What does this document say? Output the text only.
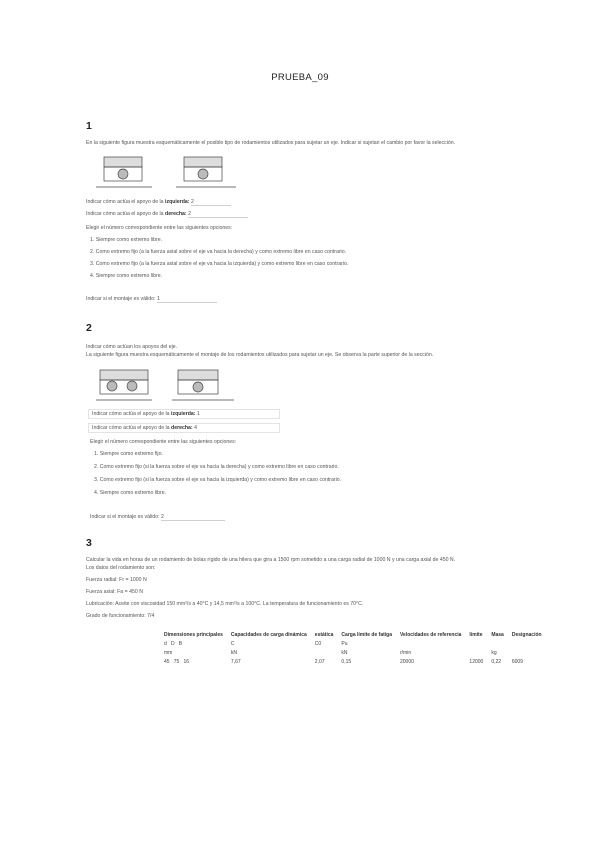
PRUEBA_09
1
En la siguiente figura muestra esquemáticamente el posible tipo de rodamientos utilizados para sujetar un eje. Indicar si sujetan el cambio por favor la selección.
Indicar cómo actúa el apoyo de la izquierda: 2
Indicar cómo actúa el apoyo de la derecha: 2
Elegir el número correspondiente entre las siguientes opciones:
1. Siempre como extremo libre.
2. Como extremo fijo (a la fuerza axial sobre el eje va hacia la derecha) y como extremo libre en caso contrario.
3. Como extremo fijo (a la fuerza axial sobre el eje va hacia la izquierda) y como extremo libre en caso contrario.
4. Siempre como extremo libre.
Indicar si el montaje es válido: 1
2
Indicar cómo actúan los apoyos del eje.
La siguiente figura muestra esquemáticamente el montaje de los rodamientos utilizados para sujetar un eje. Se observa la parte superior de la sección.
Indicar cómo actúa el apoyo de la izquierda: 1
Indicar cómo actúa el apoyo de la derecha: 4
Elegir el número correspondiente entre las siguientes opciones:
1. Siempre como extremo fijo.
2. Como extremo fijo (si la fuerza sobre el eje va hacia la derecha) y como extremo libre en caso contrario.
3. Como extremo fijo (si la fuerza sobre el eje va hacia la izquierda) y como extremo libre en caso contrario.
4. Siempre como extremo libre.
Indicar si el montaje es válido: 2
3
Calcular la vida en horas de un rodamiento de bolas rígido de una hilera que gira a 1500 rpm sometido a una carga radial de 1000 N y una carga axial de 450 N.
Los datos del rodamiento son:
Fuerza radial: Fr = 1000 N
Fuerza axial: Fa = 450 N
Lubricación: Aceite con viscosidad 150 mm²/s a 40°C y 14,5 mm²/s a 100°C. La temperatura de funcionamiento es 70°C.
Grado de funcionamiento: 7/4
Dimensiones principales	Capacidades de carga dinámica	estática	Carga límite de fatiga	Velocidades de referencia	límite	Masa	Designación
d D B	C	C0	Pu				
mm	kN		kN	r/min		kg	
45 75 16	7,67	2,07	0,15	20000	12000	0,22	6009
